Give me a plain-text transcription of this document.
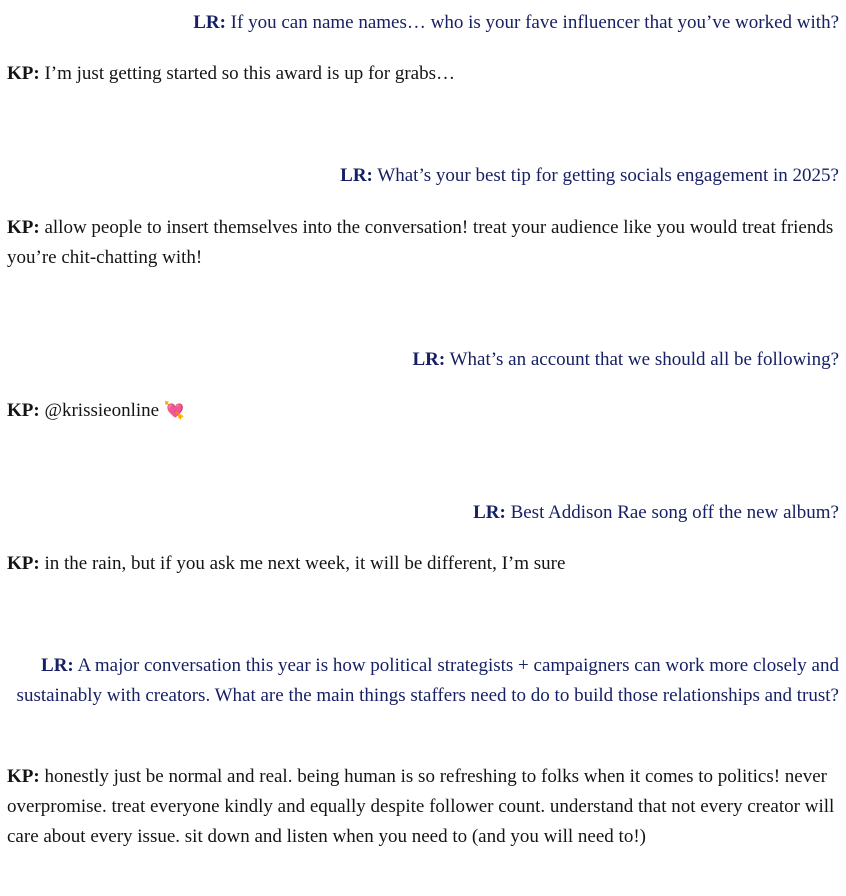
LR: If you can name names… who is your fave influencer that you’ve worked with?

KP: I’m just getting started so this award is up for grabs…

LR: What’s your best tip for getting socials engagement in 2025?

KP: allow people to insert themselves into the conversation! treat your audience like you would treat friends you’re chit-chatting with!

LR: What’s an account that we should all be following?

KP: @krissieonline 💘

LR: Best Addison Rae song off the new album?

KP: in the rain, but if you ask me next week, it will be different, I’m sure

LR: A major conversation this year is how political strategists + campaigners can work more closely and sustainably with creators. What are the main things staffers need to do to build those relationships and trust?

KP: honestly just be normal and real. being human is so refreshing to folks when it comes to politics! never overpromise. treat everyone kindly and equally despite follower count. understand that not every creator will care about every issue. sit down and listen when you need to (and you will need to!)
